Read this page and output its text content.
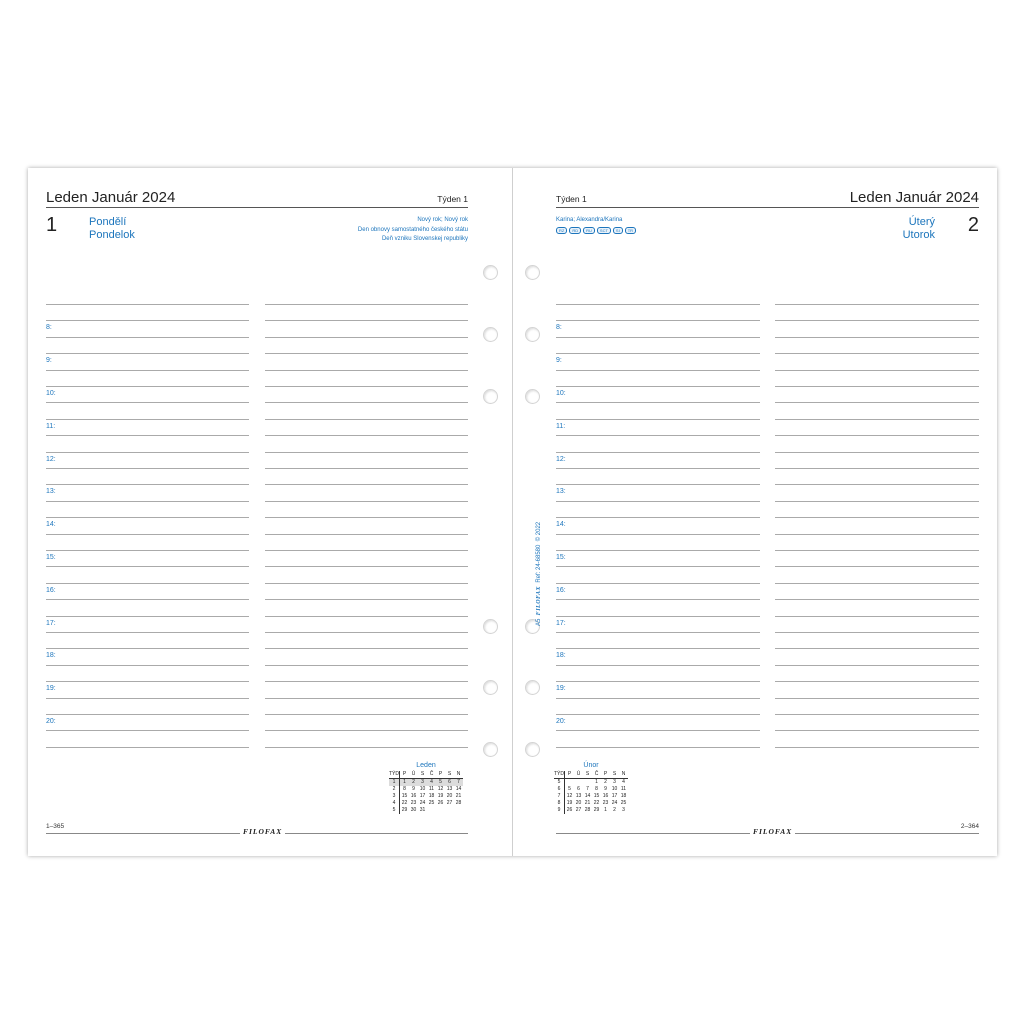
Leden Január 2024	Týden 1
1	Pondělí
Pondelok
Nový rok; Nový rok
Den obnovy samostatného českého státu
Deň vzniku Slovenskej republiky
8:
9:
10:
11:
12:
13:
14:
15:
16:
17:
18:
19:
20:
Leden
TÝD	P	Ú	S	Č	P	S	N
1	1	2	3	4	5	6	7
2	8	9	10	11	12	13	14
3	15	16	17	18	19	20	21
4	22	23	24	25	26	27	28
5	29	30	31				
1–365
FILOFAX
Týden 1	Leden Január 2024
Karina; Alexandra/Karina
RZ	RD	RU	SCT	SI	TR
Úterý
Utorok 2
8:
9:
10:
11:
12:
13:
14:
15:
16:
17:
18:
19:
20:
Únor
TÝD	P	Ú	S	Č	P	S	N
5				1	2	3	4
6	5	6	7	8	9	10	11
7	12	13	14	15	16	17	18
8	19	20	21	22	23	24	25
9	26	27	28	29	1	2	3
2–364
FILOFAX
A5  FILOFAX  Ref: 24-68580  © 2022
